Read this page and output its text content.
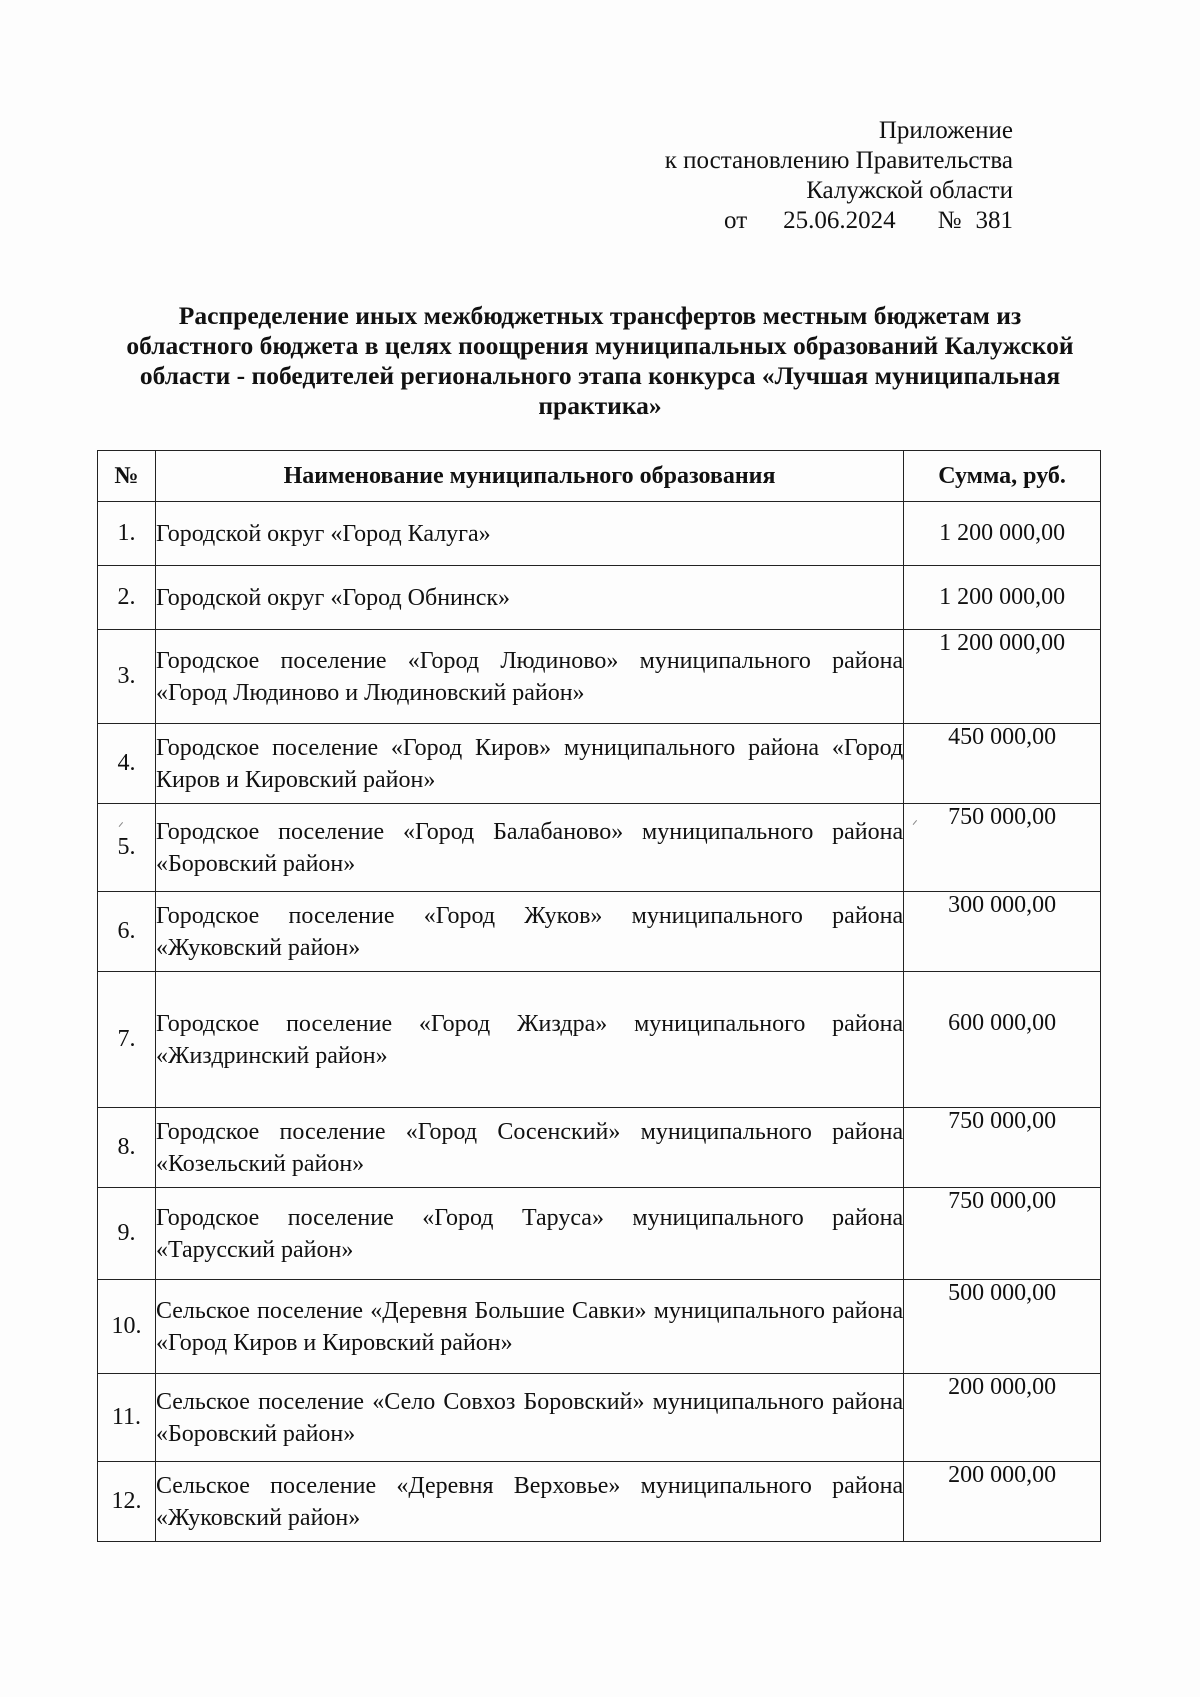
Приложение
к постановлению Правительства
Калужской области
от 25.06.2024 № 381
Распределение иных межбюджетных трансфертов местным бюджетам из
областного бюджета в целях поощрения муниципальных образований Калужской
области - победителей регионального этапа конкурса «Лучшая муниципальная
практика»
№	Наименование муниципального образования	Сумма, руб.
1.	Городской округ «Город Калуга»	1 200 000,00
2.	Городской округ «Город Обнинск»	1 200 000,00
3.	Городское поселение «Город Людиново» муниципального района «Город Людиново и Людиновский район»	1 200 000,00
4.	Городское поселение «Город Киров» муниципального района «Город Киров и Кировский район»	450 000,00
5.	Городское поселение «Город Балабаново» муниципального района «Боровский район»	750 000,00
6.	Городское поселение «Город Жуков» муниципального района «Жуковский район»	300 000,00
7.	Городское поселение «Город Жиздра» муниципального района «Жиздринский район»	600 000,00
8.	Городское поселение «Город Сосенский» муниципального района «Козельский район»	750 000,00
9.	Городское поселение «Город Таруса» муниципального района «Тарусский район»	750 000,00
10.	Сельское поселение «Деревня Большие Савки» муниципального района «Город Киров и Кировский район»	500 000,00
11.	Сельское поселение «Село Совхоз Боровский» муниципального района «Боровский район»	200 000,00
12.	Сельское поселение «Деревня Верховье» муниципального района «Жуковский район»	200 000,00
ᐟ	ᐟ
